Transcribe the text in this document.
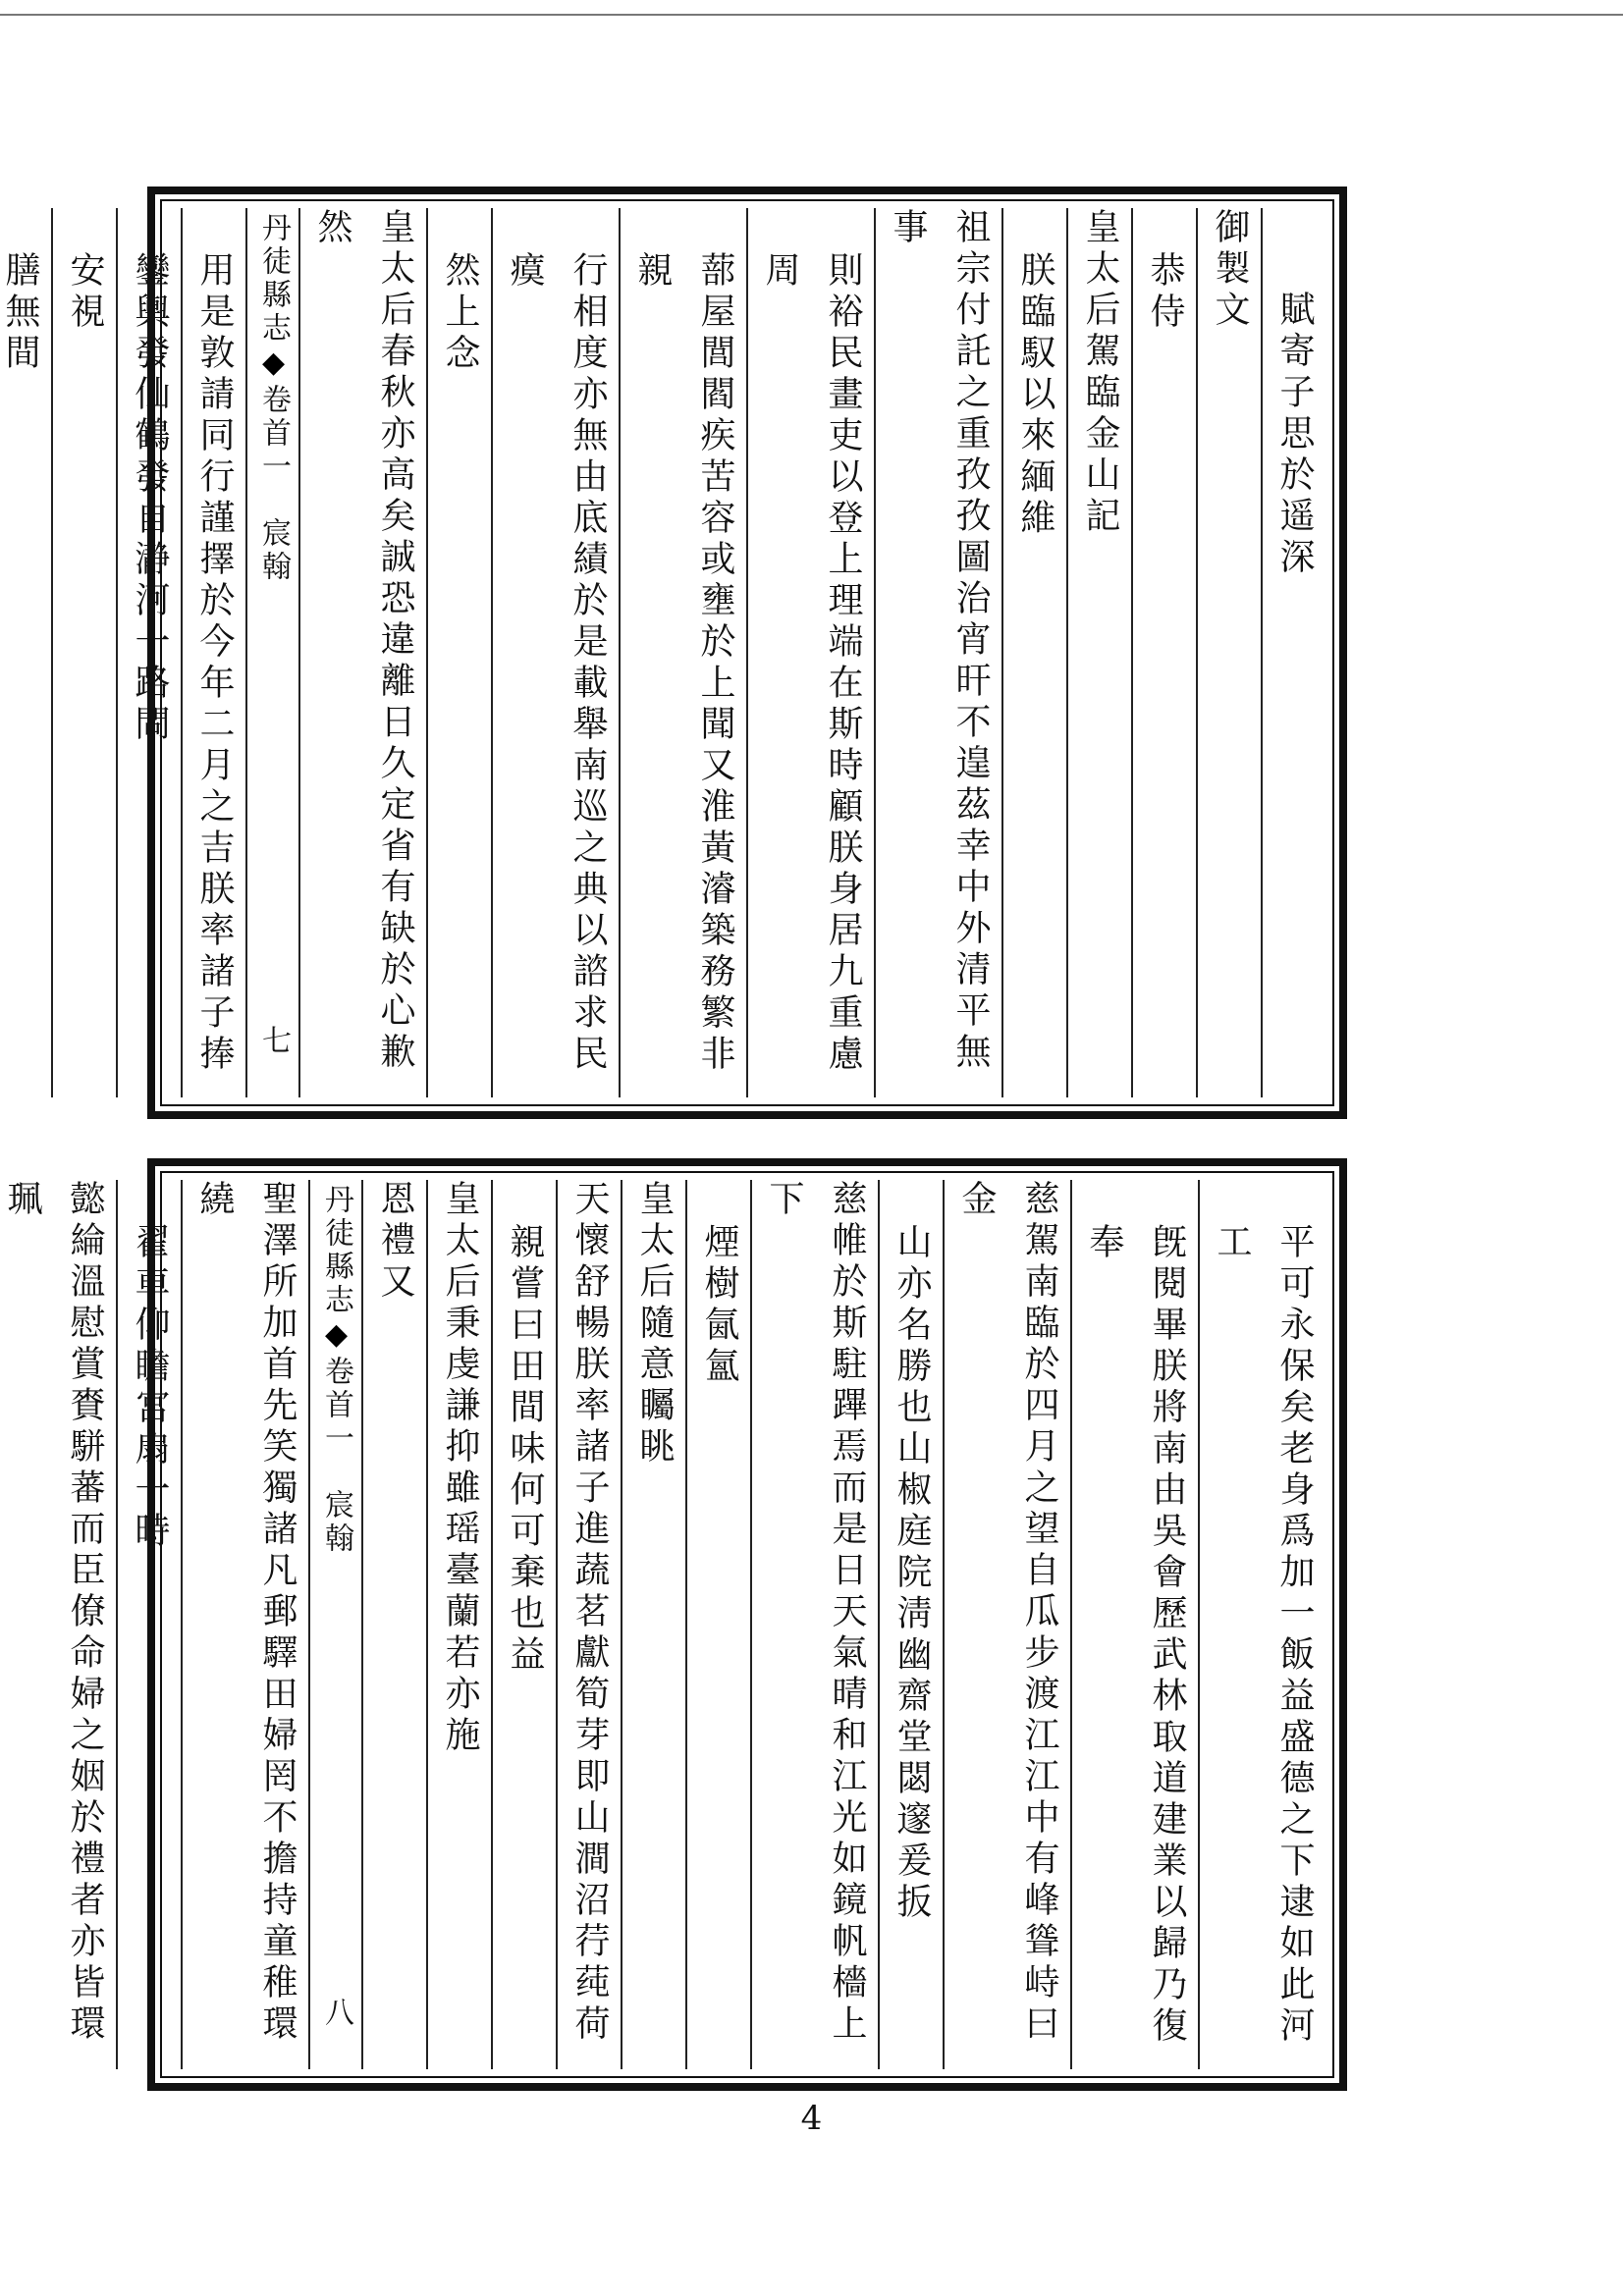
賦寄子思於遥深
御製文
恭侍
皇太后駕臨金山記
朕臨馭以來緬維
祖宗付託之重孜孜圖治宵旰不遑茲幸中外清平無事
則裕民畫吏以登上理端在斯時顧朕身居九重慮周
蔀屋閭閻疾苦容或壅於上聞又淮黃濬築務繁非親
行相度亦無由底績於是載舉南巡之典以諮求民瘼
然上念
皇太后春秋亦高矣誠恐違離日久定省有缺於心歉然
丹徒縣志◆卷首一　宸翰
七
用是敦請同行謹擇於今年二月之吉朕率諸子捧
鑾輿發仙鶴發自瀞河一路問
安視
膳無間
平可永保矣老身爲加一飯益盛德之下逮如此河工
旣閱畢朕將南由吳會歷武林取道建業以歸乃復奉
慈駕南臨於四月之望自瓜步渡江江中有峰聳峙曰金
山亦名勝也山椒庭院淸幽齋堂閟邃爰扳
慈帷於斯駐蹕焉而是日天氣晴和江光如鏡帆檣上下
煙樹氤氳
皇太后隨意矚眺
天懷舒暢朕率諸子進蔬茗獻筍芽即山澗沼荇莼荷
親嘗曰田間味何可棄也益
皇太后秉虔謙抑雖瑶臺蘭若亦施
恩禮又
丹徒縣志◆卷首一　宸翰
八
聖澤所加首先笑獨諸凡郵驛田婦罔不擔持童稚環繞
翟車仰瞻宮扇一時
懿綸溫慰賞賚駢蕃而臣僚命婦之姻於禮者亦皆環珮
4
